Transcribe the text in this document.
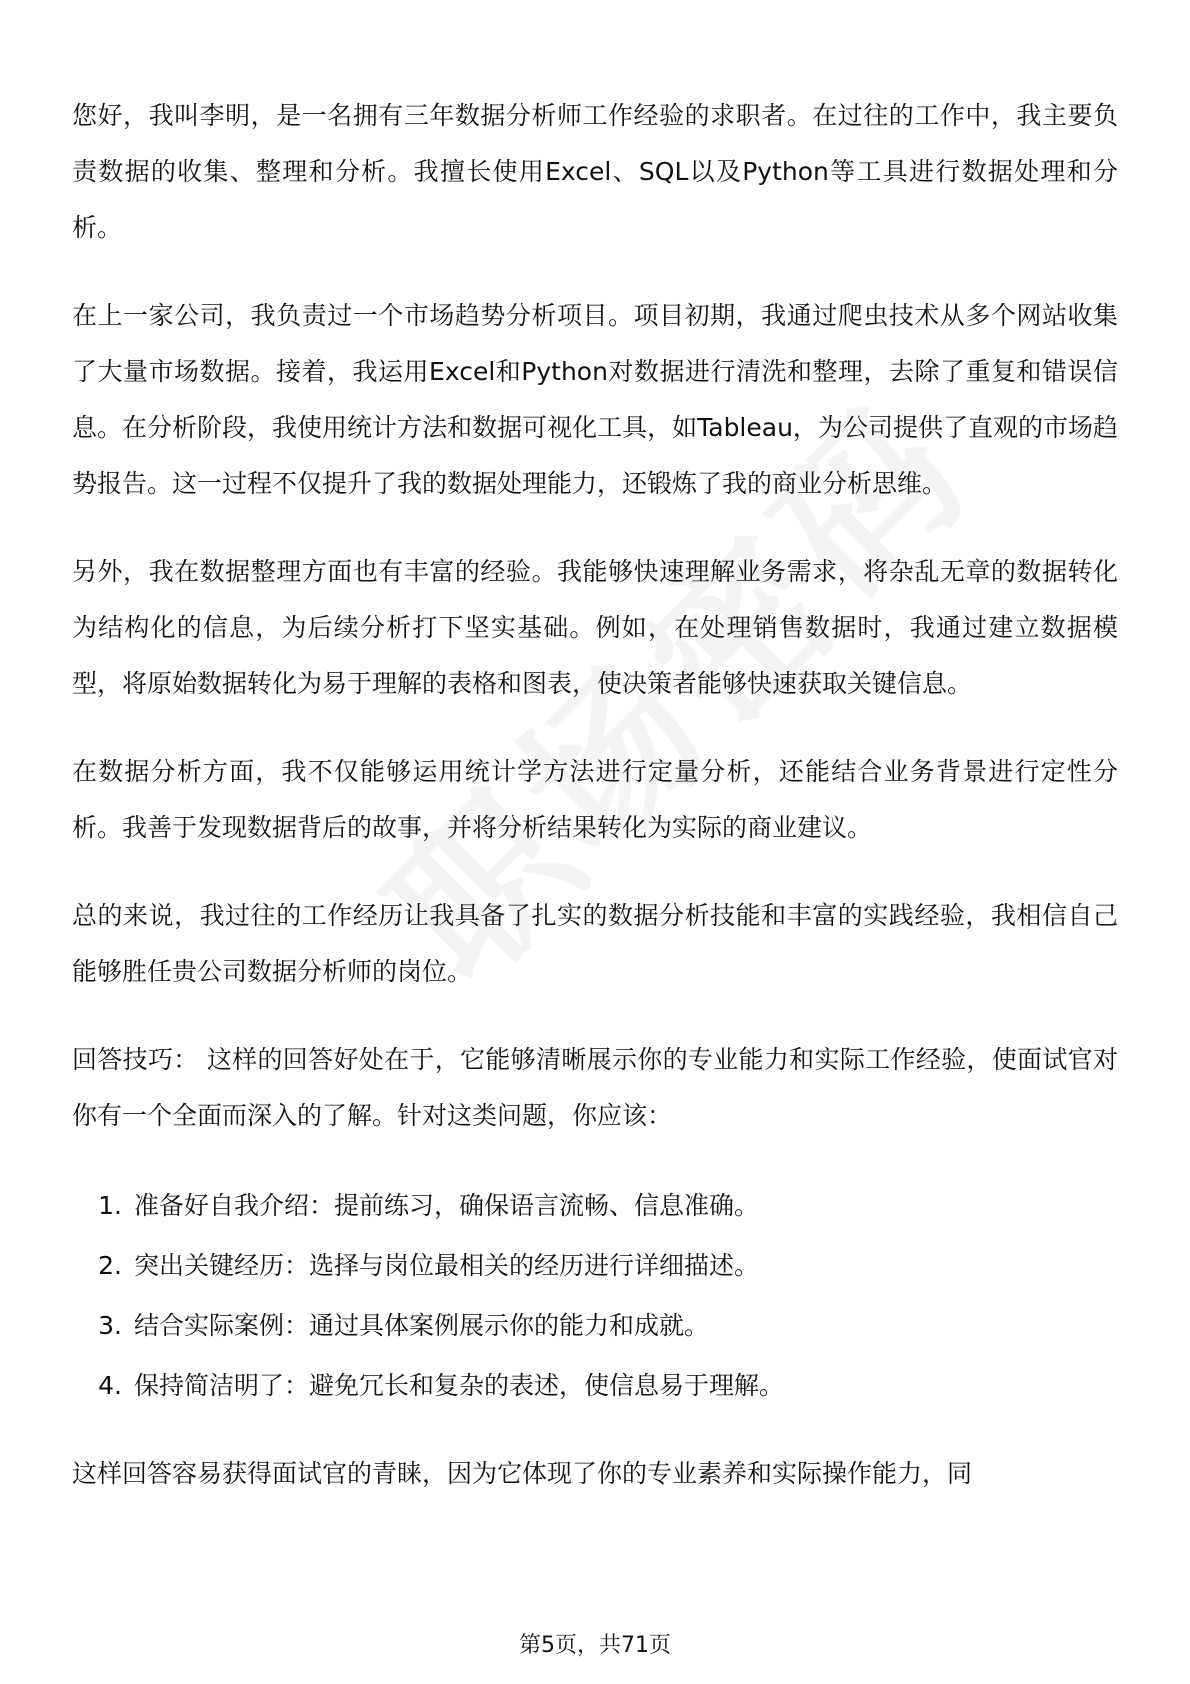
您好，我叫李明，是一名拥有三年数据分析师工作经验的求职者。在过往的工作中，我主要负责数据的收集、整理和分析。我擅长使用Excel、SQL以及Python等工具进行数据处理和分析。

在上一家公司，我负责过一个市场趋势分析项目。项目初期，我通过爬虫技术从多个网站收集了大量市场数据。接着，我运用Excel和Python对数据进行清洗和整理，去除了重复和错误信息。在分析阶段，我使用统计方法和数据可视化工具，如Tableau，为公司提供了直观的市场趋势报告。这一过程不仅提升了我的数据处理能力，还锻炼了我的商业分析思维。

另外，我在数据整理方面也有丰富的经验。我能够快速理解业务需求，将杂乱无章的数据转化为结构化的信息，为后续分析打下坚实基础。例如，在处理销售数据时，我通过建立数据模型，将原始数据转化为易于理解的表格和图表，使决策者能够快速获取关键信息。

在数据分析方面，我不仅能够运用统计学方法进行定量分析，还能结合业务背景进行定性分析。我善于发现数据背后的故事，并将分析结果转化为实际的商业建议。

总的来说，我过往的工作经历让我具备了扎实的数据分析技能和丰富的实践经验，我相信自己能够胜任贵公司数据分析师的岗位。

回答技巧： 这样的回答好处在于，它能够清晰展示你的专业能力和实际工作经验，使面试官对你有一个全面而深入的了解。针对这类问题，你应该：

1. 准备好自我介绍：提前练习，确保语言流畅、信息准确。
2. 突出关键经历：选择与岗位最相关的经历进行详细描述。
3. 结合实际案例：通过具体案例展示你的能力和成就。
4. 保持简洁明了：避免冗长和复杂的表述，使信息易于理解。

这样回答容易获得面试官的青睐，因为它体现了你的专业素养和实际操作能力，同

第5页，共71页
